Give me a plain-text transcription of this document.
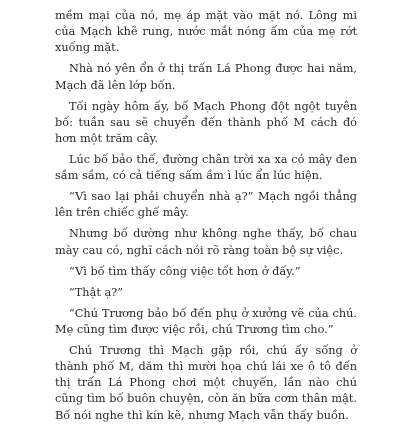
mềm mại của nó, mẹ áp mặt vào mặt nó. Lông mi của Mạch khẽ rung, nước mắt nóng ấm của mẹ rớt xuống mặt.

Nhà nó yên ổn ở thị trấn Lá Phong được hai năm, Mạch đã lên lớp bốn.

Tối ngày hôm ấy, bố Mạch Phong đột ngột tuyên bố: tuần sau sẽ chuyển đến thành phố M cách đó hơn một trăm cây.

Lúc bố bảo thế, đường chân trời xa xa có mây đen sầm sầm, có cả tiếng sấm ầm ì lúc ẩn lúc hiện.

“Vì sao lại phải chuyển nhà ạ?” Mạch ngồi thẳng lên trên chiếc ghế mây.

Nhưng bố dường như không nghe thấy, bố chau mày cau có, nghĩ cách nói rõ ràng toàn bộ sự việc.

“Vì bố tìm thấy công việc tốt hơn ở đấy.”

“Thật ạ?”

“Chú Trương bảo bố đến phụ ở xưởng vẽ của chú. Mẹ cũng tìm được việc rồi, chú Trương tìm cho.”

Chú Trương thì Mạch gặp rồi, chú ấy sống ở thành phố M, dăm thì mười họa chú lái xe ô tô đến thị trấn Lá Phong chơi một chuyến, lần nào chú cũng tìm bố buôn chuyện, còn ăn bữa cơm thân mật. Bố nói nghe thì kín kẽ, nhưng Mạch vẫn thấy buồn.
